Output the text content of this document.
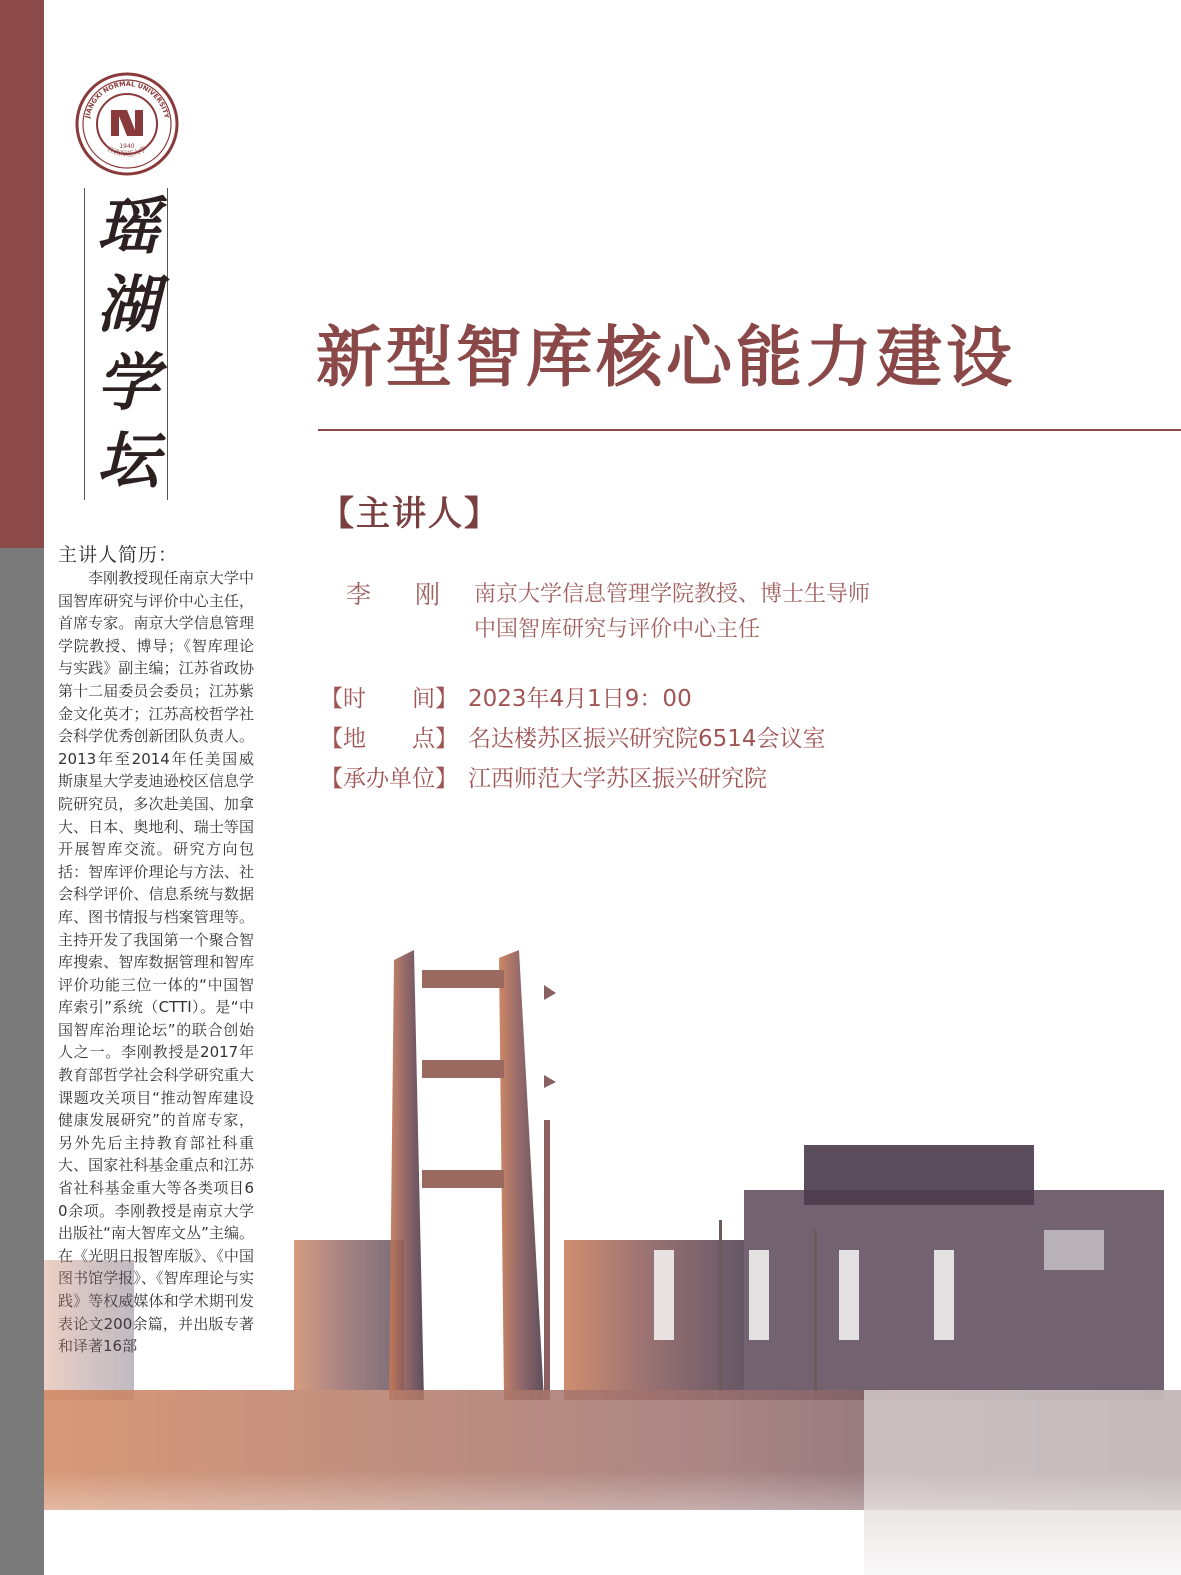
1940
JIANGXI NORMAL UNIVERSITY
江西师范大学
瑶
湖
学
坛
主讲人简历：
李刚教授现任南京大学中国智库研究与评价中心主任，首席专家。南京大学信息管理学院教授、博导；《智库理论与实践》副主编；江苏省政协第十二届委员会委员；江苏紫金文化英才；江苏高校哲学社会科学优秀创新团队负责人。2013年至2014年任美国威斯康星大学麦迪逊校区信息学院研究员，多次赴美国、加拿大、日本、奥地利、瑞士等国开展智库交流。研究方向包括：智库评价理论与方法、社会科学评价、信息系统与数据库、图书情报与档案管理等。主持开发了我国第一个聚合智库搜索、智库数据管理和智库评价功能三位一体的“中国智库索引”系统（CTTI）。是“中国智库治理论坛”的联合创始人之一。李刚教授是2017年教育部哲学社会科学研究重大课题攻关项目“推动智库建设健康发展研究”的首席专家，另外先后主持教育部社科重大、国家社科基金重点和江苏省社科基金重大等各类项目60余项。李刚教授是南京大学出版社“南大智库文丛”主编。在《光明日报智库版》、《中国图书馆学报》、《智库理论与实践》等权威媒体和学术期刊发表论文200余篇，并出版专著和译著16部
新型智库核心能力建设
【主讲人】
李 刚 南京大学信息管理学院教授、博士生导师
中国智库研究与评价中心主任
【时　　间】 2023年4月1日9：00
【地　　点】 名达楼苏区振兴研究院6514会议室
【承办单位】 江西师范大学苏区振兴研究院
